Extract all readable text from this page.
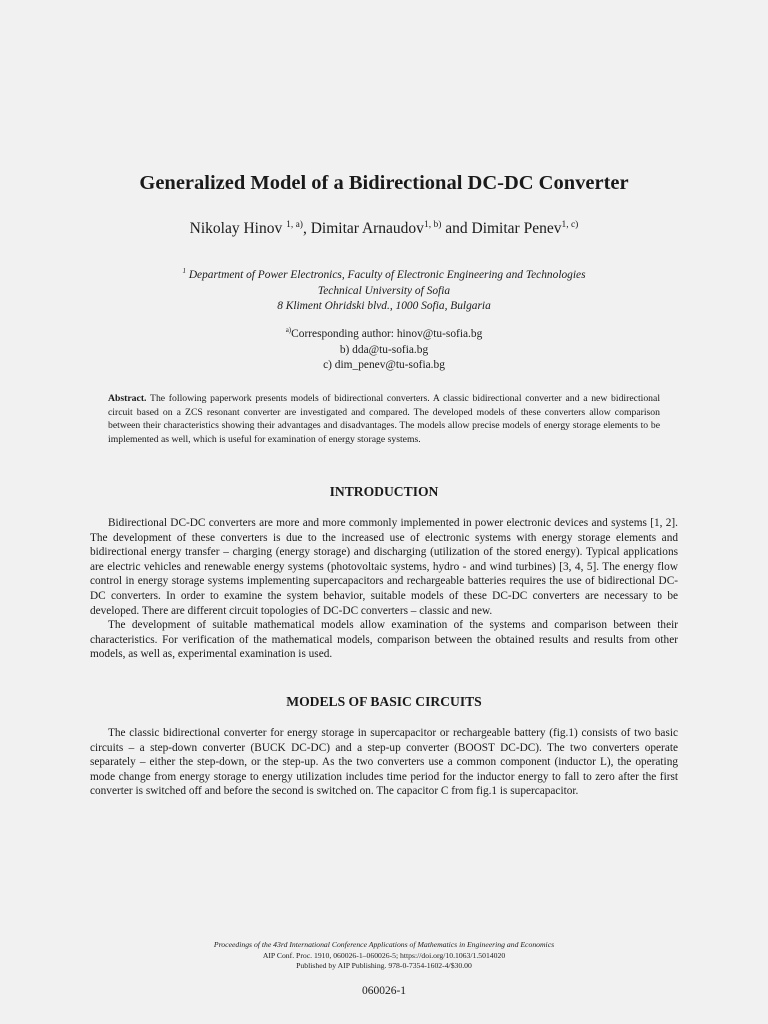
Generalized Model of a Bidirectional DC-DC Converter
Nikolay Hinov $^{1, a)}$, Dimitar Arnaudov$^{1, b)}$ and Dimitar Penev$^{1, c)}$
$^1$ Department of Power Electronics, Faculty of Electronic Engineering and Technologies
Technical University of Sofia
8 Kliment Ohridski blvd., 1000 Sofia, Bulgaria
$^{a)}$Corresponding author: hinov@tu-sofia.bg
b) dda@tu-sofia.bg
c) dim_penev@tu-sofia.bg
Abstract. The following paperwork presents models of bidirectional converters. A classic bidirectional converter and a new bidirectional circuit based on a ZCS resonant converter are investigated and compared. The developed models of these converters allow comparison between their characteristics showing their advantages and disadvantages. The models allow precise models of energy storage elements to be implemented as well, which is useful for examination of energy storage systems.
INTRODUCTION

Bidirectional DC-DC converters are more and more commonly implemented in power electronic devices and systems [1, 2]. The development of these converters is due to the increased use of electronic systems with energy storage elements and bidirectional energy transfer – charging (energy storage) and discharging (utilization of the stored energy). Typical applications are electric vehicles and renewable energy systems (photovoltaic systems, hydro - and wind turbines) [3, 4, 5]. The energy flow control in energy storage systems implementing supercapacitors and rechargeable batteries requires the use of bidirectional DC-DC converters. In order to examine the system behavior, suitable models of these DC-DC converters are necessary to be developed. There are different circuit topologies of DC-DC converters – classic and new.

The development of suitable mathematical models allow examination of the systems and comparison between their characteristics. For verification of the mathematical models, comparison between the obtained results and results from other models, as well as, experimental examination is used.

MODELS OF BASIC CIRCUITS

The classic bidirectional converter for energy storage in supercapacitor or rechargeable battery (fig.1) consists of two basic circuits – a step-down converter (BUCK DC-DC) and a step-up converter (BOOST DC-DC). The two converters operate separately – either the step-down, or the step-up. As the two converters use a common component (inductor L), the operating mode change from energy storage to energy utilization includes time period for the inductor energy to fall to zero after the first converter is switched off and before the second is switched on. The capacitor C from fig.1 is supercapacitor.

Proceedings of the 43rd International Conference Applications of Mathematics in Engineering and Economics
AIP Conf. Proc. 1910, 060026-1–060026-5; https://doi.org/10.1063/1.5014020
Published by AIP Publishing. 978-0-7354-1602-4/$30.00
060026-1
